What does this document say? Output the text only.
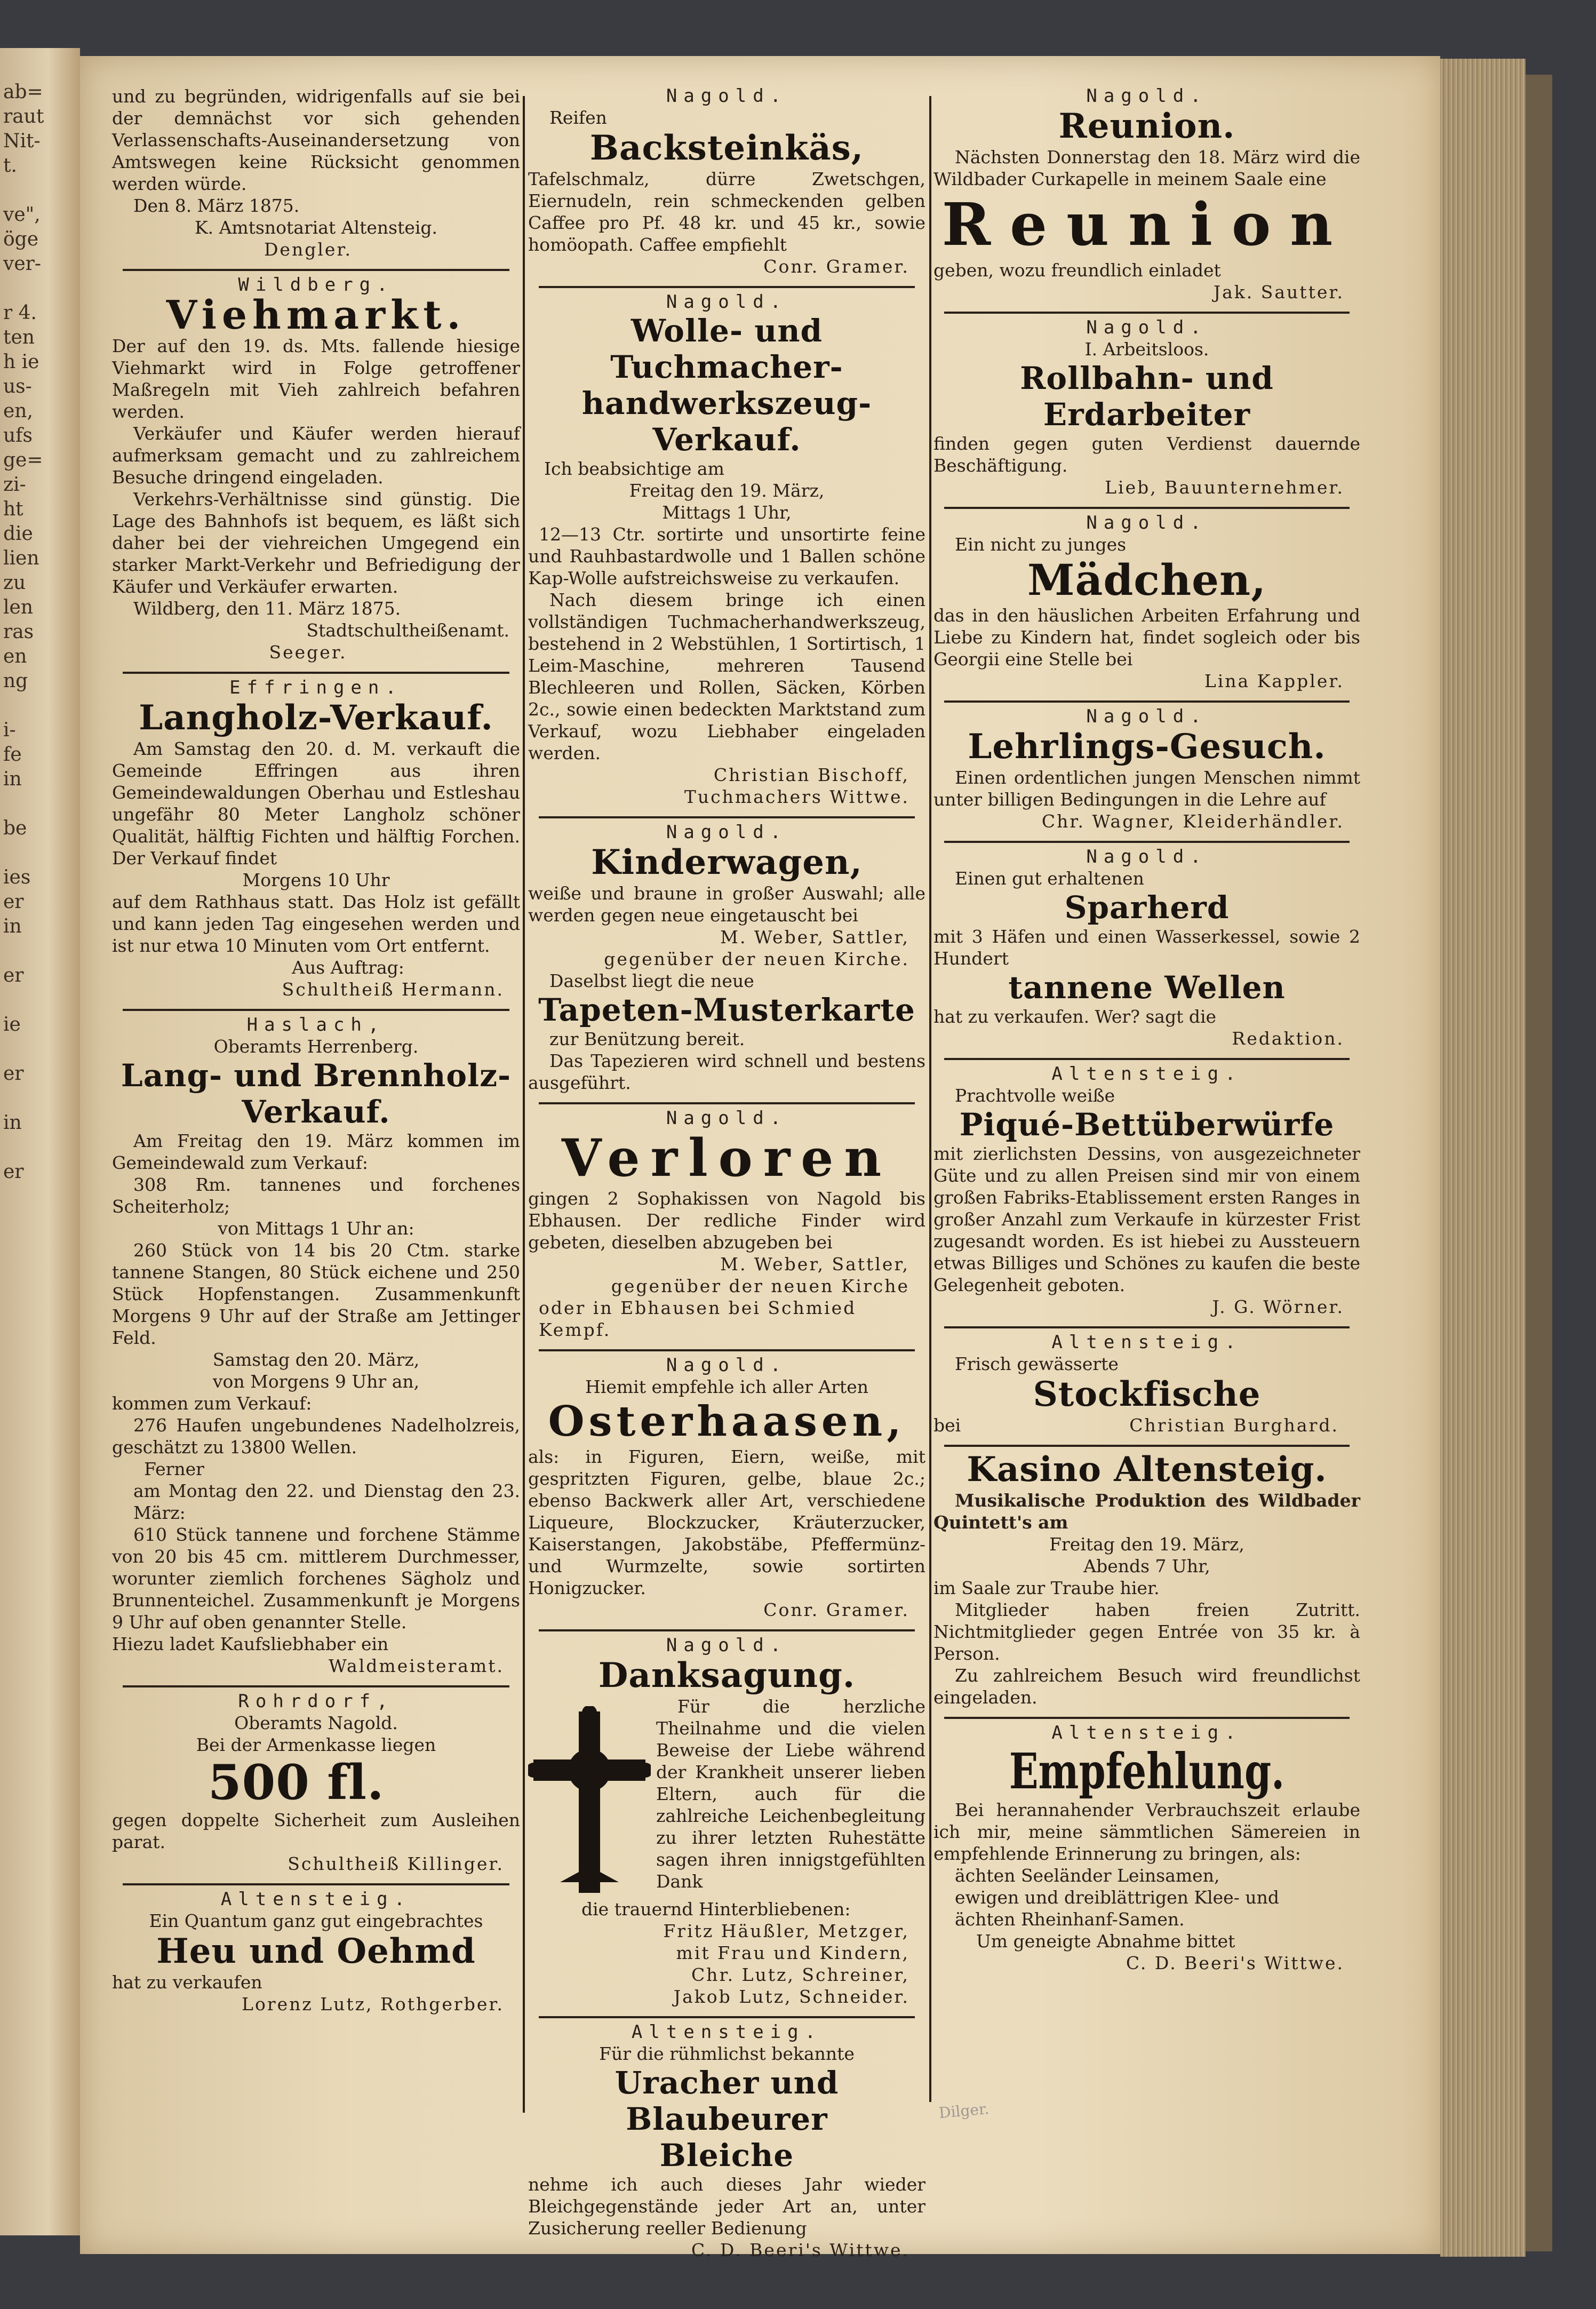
ab=
raut
Nit-
t.
ve",
öge
ver-
r 4.
ten
h ie
us-
en,
ufs
ge=
zi-
ht
die
lien
zu
len
ras
en
ng
i-
fe
in
be
ies
er
in
er
ie
er
in
er
und zu begründen, widrigenfalls auf sie bei der demnächst vor sich gehenden Verlassenschafts-Auseinandersetzung von Amtswegen keine Rücksicht genommen werden würde.
Den 8. März 1875.
K. Amtsnotariat Altensteig.
Dengler.
Wildberg.
Viehmarkt.
Der auf den 19. ds. Mts. fallende hiesige Viehmarkt wird in Folge getroffener Maßregeln mit Vieh zahlreich befahren werden.
Verkäufer und Käufer werden hierauf aufmerksam gemacht und zu zahlreichem Besuche dringend eingeladen.
Verkehrs-Verhältnisse sind günstig. Die Lage des Bahnhofs ist bequem, es läßt sich daher bei der viehreichen Umgegend ein starker Markt-Verkehr und Befriedigung der Käufer und Verkäufer erwarten.
Wildberg, den 11. März 1875.
Stadtschultheißenamt.
Seeger.
Effringen.
Langholz-Verkauf.
Am Samstag den 20. d. M. verkauft die Gemeinde Effringen aus ihren Gemeindewaldungen Oberhau und Estleshau ungefähr 80 Meter Langholz schöner Qualität, hälftig Fichten und hälftig Forchen. Der Verkauf findet
Morgens 10 Uhr
auf dem Rathhaus statt. Das Holz ist gefällt und kann jeden Tag eingesehen werden und ist nur etwa 10 Minuten vom Ort entfernt.
Aus Auftrag:
Schultheiß Hermann.
Haslach,
Oberamts Herrenberg.
Lang- und Brennholz-
Verkauf.
Am Freitag den 19. März kommen im Gemeindewald zum Verkauf:
308 Rm. tannenes und forchenes Scheiterholz;
von Mittags 1 Uhr an:
260 Stück von 14 bis 20 Ctm. starke tannene Stangen, 80 Stück eichene und 250 Stück Hopfenstangen. Zusammenkunft Morgens 9 Uhr auf der Straße am Jettinger Feld.
Samstag den 20. März,
von Morgens 9 Uhr an,
kommen zum Verkauf:
276 Haufen ungebundenes Nadelholzreis, geschätzt zu 13800 Wellen.
Ferner
am Montag den 22. und Dienstag den 23. März:
610 Stück tannene und forchene Stämme von 20 bis 45 cm. mittlerem Durchmesser, worunter ziemlich forchenes Sägholz und Brunnenteichel. Zusammenkunft je Morgens 9 Uhr auf oben genannter Stelle.
Hiezu ladet Kaufsliebhaber ein
Waldmeisteramt.
Rohrdorf,
Oberamts Nagold.
Bei der Armenkasse liegen
500 fl.
gegen doppelte Sicherheit zum Ausleihen parat.
Schultheiß Killinger.
Altensteig.
Ein Quantum ganz gut eingebrachtes
Heu und Oehmd
hat zu verkaufen
Lorenz Lutz, Rothgerber.
Nagold.
Reifen
Backsteinkäs,
Tafelschmalz, dürre Zwetschgen, Eiernudeln, rein schmeckenden gelben Caffee pro Pf. 48 kr. und 45 kr., sowie homöopath. Caffee empfiehlt
Conr. Gramer.
Nagold.
Wolle- und Tuchmacher-
handwerkszeug-Verkauf.
Ich beabsichtige am
Freitag den 19. März,
Mittags 1 Uhr,
12—13 Ctr. sortirte und unsortirte feine und Rauhbastardwolle und 1 Ballen schöne Kap-Wolle aufstreichsweise zu verkaufen.
Nach diesem bringe ich einen vollständigen Tuchmacherhandwerkszeug, bestehend in 2 Webstühlen, 1 Sortirtisch, 1 Leim-Maschine, mehreren Tausend Blechleeren und Rollen, Säcken, Körben 2c., sowie einen bedeckten Marktstand zum Verkauf, wozu Liebhaber eingeladen werden.
Christian Bischoff,
Tuchmachers Wittwe.
Nagold.
Kinderwagen,
weiße und braune in großer Auswahl; alle werden gegen neue eingetauscht bei
M. Weber, Sattler,
gegenüber der neuen Kirche.
Daselbst liegt die neue
Tapeten-Musterkarte
zur Benützung bereit.
Das Tapezieren wird schnell und bestens ausgeführt.
Nagold.
Verloren
gingen 2 Sophakissen von Nagold bis Ebhausen. Der redliche Finder wird gebeten, dieselben abzugeben bei
M. Weber, Sattler,
gegenüber der neuen Kirche
oder in Ebhausen bei Schmied Kempf.
Nagold.
Hiemit empfehle ich aller Arten
Osterhaasen,
als: in Figuren, Eiern, weiße, mit gespritzten Figuren, gelbe, blaue 2c.; ebenso Backwerk aller Art, verschiedene Liqueure, Blockzucker, Kräuterzucker, Kaiserstangen, Jakobstäbe, Pfeffermünz- und Wurmzelte, sowie sortirten Honigzucker.
Conr. Gramer.
Nagold.
Danksagung.
Für die herzliche Theilnahme und die vielen Beweise der Liebe während der Krankheit unserer lieben Eltern, auch für die zahlreiche Leichenbegleitung zu ihrer letzten Ruhestätte sagen ihren innigstgefühlten Dank
die trauernd Hinterbliebenen:
Fritz Häußler, Metzger,
mit Frau und Kindern,
Chr. Lutz, Schreiner,
Jakob Lutz, Schneider.
Altensteig.
Für die rühmlichst bekannte
Uracher und Blaubeurer
Bleiche
nehme ich auch dieses Jahr wieder Bleichgegenstände jeder Art an, unter Zusicherung reeller Bedienung
C. D. Beeri's Wittwe.
Nagold.
Reunion.
Nächsten Donnerstag den 18. März wird die Wildbader Curkapelle in meinem Saale eine
Reunion
geben, wozu freundlich einladet
Jak. Sautter.
Nagold.
I. Arbeitsloos.
Rollbahn- und Erdarbeiter
finden gegen guten Verdienst dauernde Beschäftigung.
Lieb, Bauunternehmer.
Nagold.
Ein nicht zu junges
Mädchen,
das in den häuslichen Arbeiten Erfahrung und Liebe zu Kindern hat, findet sogleich oder bis Georgii eine Stelle bei
Lina Kappler.
Nagold.
Lehrlings-Gesuch.
Einen ordentlichen jungen Menschen nimmt unter billigen Bedingungen in die Lehre auf
Chr. Wagner, Kleiderhändler.
Nagold.
Einen gut erhaltenen
Sparherd
mit 3 Häfen und einen Wasserkessel, sowie 2 Hundert
tannene Wellen
hat zu verkaufen. Wer? sagt die
Redaktion.
Altensteig.
Prachtvolle weiße
Piqué-Bettüberwürfe
mit zierlichsten Dessins, von ausgezeichneter Güte und zu allen Preisen sind mir von einem großen Fabriks-Etablissement ersten Ranges in großer Anzahl zum Verkaufe in kürzester Frist zugesandt worden. Es ist hiebei zu Aussteuern etwas Billiges und Schönes zu kaufen die beste Gelegenheit geboten.
J. G. Wörner.
Altensteig.
Frisch gewässerte
Stockfische
bei	Christian Burghard.
Kasino Altensteig.
Musikalische Produktion des Wildbader Quintett's am
Freitag den 19. März,
Abends 7 Uhr,
im Saale zur Traube hier.
Mitglieder haben freien Zutritt. Nichtmitglieder gegen Entrée von 35 kr. à Person.
Zu zahlreichem Besuch wird freundlichst eingeladen.
Altensteig.
Empfehlung.
Bei herannahender Verbrauchszeit erlaube ich mir, meine sämmtlichen Sämereien in empfehlende Erinnerung zu bringen, als:
ächten Seeländer Leinsamen,
ewigen und dreiblättrigen Klee- und
ächten Rheinhanf-Samen.
Um geneigte Abnahme bittet
C. D. Beeri's Wittwe.
Dilger.
